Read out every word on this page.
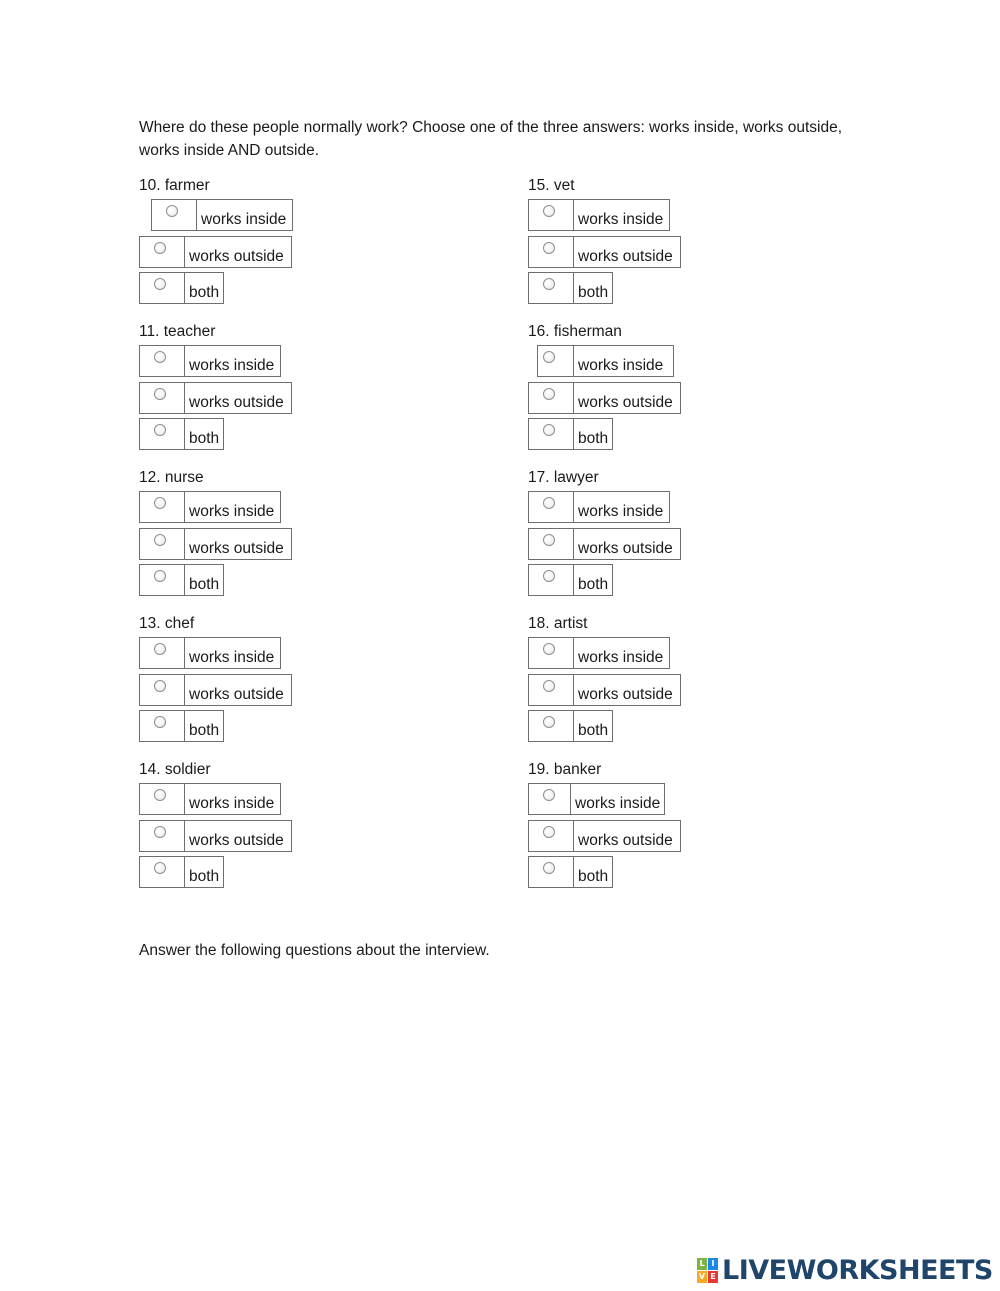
Where do these people normally work? Choose one of the three answers: works inside, works outside, works inside AND outside.

10. farmer

works inside
works outside
both

11. teacher

works inside
works outside
both

12. nurse

works inside
works outside
both

13. chef

works inside
works outside
both

14. soldier

works inside
works outside
both

15. vet

works inside
works outside
both

16. fisherman

works inside
works outside
both

17. lawyer

works inside
works outside
both

18. artist

works inside
works outside
both

19. banker

works inside
works outside
both

Answer the following questions about the interview.

L I
V E LIVEWORKSHEETS
